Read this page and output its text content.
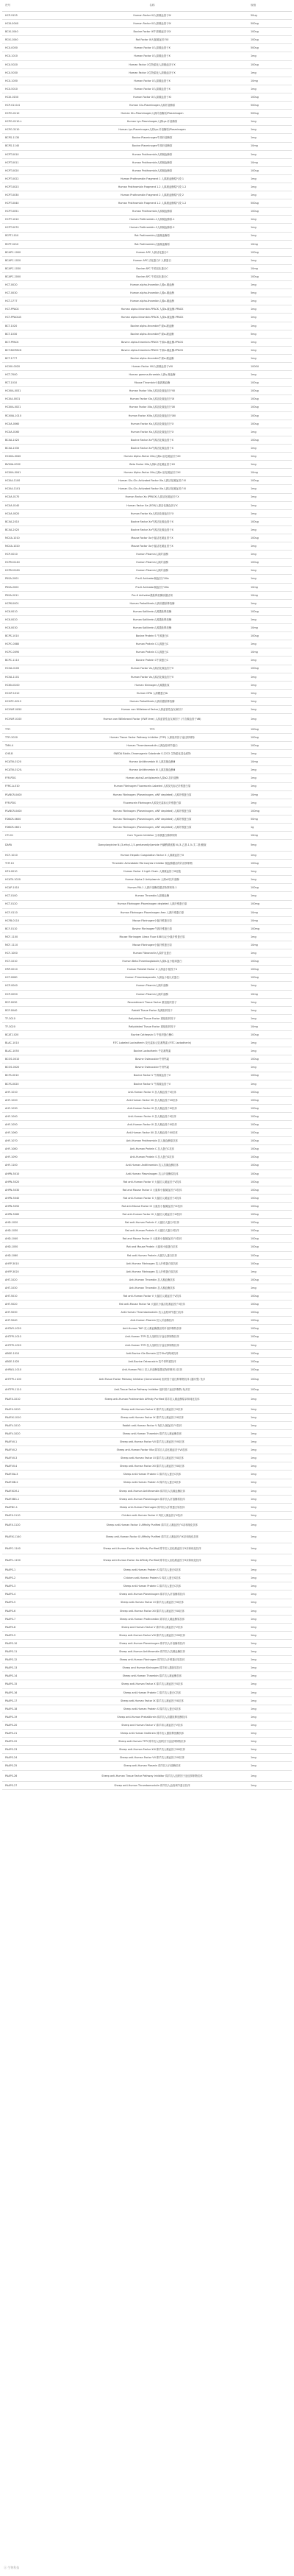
货号	名称	规格
HCP-9155	Human Factor Ⅸ人源凝血因子Ⅸ	50ug
HCIX-0040	Human Factor Ⅸ人源凝血因子Ⅸ	500ug
BCIX-1040	Bovine Factor IX牛源凝血因子Ⅸ	100ug
RCIX-1040	Rat Factor Ⅸ大鼠凝血因子Ⅸ	100ug
HCX-0050	Human Factor X人源凝血因子X	500ug
HCX-1010	Human Factor X人源凝血因子X	1mg
HCX-5020	Human Factor X生物素化人源凝血因子X	100ug
HCX-5030	Human Factor X生物素化人源凝血因子X	1mg
HCX-1050	Human Factor X人源凝血因子X	10mg
HCX-5010	Human Factor X人源凝血因子X	1mg
HCXI-0150	Human Factor XI人源凝血因子XI	100ug
HCP-0110-S	Human Glu-Plasminogen人源纤溶酶原	500ug
HCPG-0110	Human Glu-Plasminogen人源纤溶酶原/Plasminogen	500ug
HCPG-0110-L	Human Lys-Plasminogen人源Lys-纤溶酶原	1mg
HCPG-3110	Human Lys-Plasminogen人源Lys-纤溶酶原/Plasminogen	1mg
BCPG-1130	Bovine Plasminogen牛源纤溶酶原	1mg
BCPG-1140	Bovine Plasminogen牛源纤溶酶原	10mg
HCPT-0010	Human Prothrombin人源凝血酶原	1mg
HCPT-0011	Human Prothrombin人源凝血酶原	10mg
HCPT-0020	Human Prothrombin人源凝血酶原	100ug
HCPT-0022	Human Prothrombin Fragment 1 人源凝血酶原片段 1	1mg
HCPT-0023	Human Prothrombin Fragment 1.2 人源凝血酶原片段 1.2	1mg
HCPT-0030	Human Prothrombin Fragment 2 人源凝血酶原片段 2	1mg
HCPT-0040	Human Prothrombin Fragment 1.2 人源凝血酶原片段 1.2	500ug
HCPT-0051	Human Prothrombin人源凝血酶原	100ug
HCPT-1010	Human Prethrombin-1人源凝血酶原-1	1mg
HCPT-0070	Human Prethrombin-2人源凝血酶原-2	1mg
RCPT-1010	Rat Prothrombin大鼠凝血酶原	1mg
RCPT-0210	Rat Prothrombin大鼠凝血酶原	10mg
BCAPC-1000	Human APC 人源活化蛋白C	100ug
BCAPC-1020	Human APC 活化蛋白C 人源蛋白	1mg
BCAPC-1030	Bovine APC 牛源活化蛋白C	10mg
BCAPC-2000	Bovine APC 牛源活化蛋白C	100ug
HCT-0020	Human alpha-thrombin人源α-凝血酶	1mg
HCT-0030	Human alpha-thrombin人源α-凝血酶	5mg
HCT-1777	Human alpha-thrombin人源α-凝血酶	1mg
HCT-PPACK	Human alpha-thrombin-PPACK 人源α-凝血酶-PPACK	1mg
HCT-PPACK-B	Human alpha-thrombin-PPACK 人源α-凝血酶-PPACK	1mg
BCT-1020	Bovine alpha-thrombin牛源α-凝血酶	1mg
BCT-1030	Bovine alpha-thrombin牛源α-凝血酶	5mg
BCT-PPACK	Bovine alpha-thrombin-PPACK 牛源α-凝血酶-PPACK	1mg
BCT-BIOPACK	Bovine alpha-thrombin-PPACK 牛源α-凝血酶-PPACK	1mg
BCT-1777	Bovine alpha-thrombin牛源α-凝血酶	1mg
HCVIII-0020	Human Factor VIII人源凝血因子VIII	1000U
HCT-7000	Human gamma-thrombin人源γ-凝血酶	1mg
RCT-1010	Mouse Thrombin小鼠源凝血酶	100ug
HCVIIA-0031	Human Factor VIIa人源活化凝血因子VII	100ug
HCXIA-0031	Human Factor XIa人源活化凝血因子XI	100ug
HCXIIA-0021	Human Factor XIIa人源活化凝血因子XII	100ug
RCXIIIA-1010	Human Factor XIIIa人源活化凝血因子XIII	100ug
HCXA-0060	Human Factor Xa人源活化凝血因子X	100ug
HCXA-0160	Human Factor Xa人源活化凝血因子X	1mg
BCXA-1020	Bovine Factor Xa牛源活化凝血因子X	100ug
BCXA-1030	Bovine Factor Xa牛源活化凝血因子X	1mg
HCXIIA-0040	Human Alpha-Factor XIIa人源α-活化凝血因子XII	1mg
BVXIIA-0032	Beta Factor XIIa人源β-活化凝血因子XII	1mg
HCXIIA-0041	Human Alpha-Factor XIIa人源α-活化凝血因子XII	10mg
HCXIA-1100	Human Glu-Glu Activated Factor XIa人源活化凝血因子XI	100ug
HCXIA-1101	Human Glu-Glu Activated Factor XIa人源活化凝血因子XI	1mg
HCXA-0170	Human Factor Xa (PPACK)人源活化凝血因子X	1mg
HCXA-0140	Human Factor Xa (EGR)人源活化凝血因子X	1mg
HCXA-0020	Human Factor Xa人源活化凝血因子X	1mg
BCXA-2010	Bovine Factor Xa牛源活化凝血因子X	100ug
BCXA-2020	Bovine Factor Xa牛源活化凝血因子X	1mg
MCXA-1010	Mouse Factor Xa小鼠活化凝血因子X	100ug
MCXA-1020	Mouse Factor Xa小鼠活化凝血因子X	1mg
HCP-0010	Human Plasmin人源纤溶酶	1mg
HCPM-0140	Human Plasmin人源纤溶酶	100ug
HCPM-0160	Human Plasmin人源纤溶酶	1mg
PKSA-2001	Pro-K Activator凝血因子XIIa	1mg
PKSA-2002	Pro-K Activator凝血因子XIIa	10mg
PKSA-2011	Pro-K Activator激肽释放酶原激活剂	10mg
HCPK-0001	Human Prekallikrein人源前激肽释放酶	1mg
HCK-0010	Human Kallikrein人源激肽释放酶	100ug
HCK-0020	Human Kallikrein人源激肽释放酶	1mg
HCK-0030	Human Kallikrein人源激肽释放酶	10mg
BCPS-1010	Bovine Protein S 牛源蛋白S	100ug
HCPC-0080	Human Protein C人源蛋白C	1mg
HCPC-0090	Human Protein C人源蛋白C	10mg
BCPC-1110	Bovine Protein C牛源蛋白C	1mg
HCVA-0100	Human Factor Va人源活化凝血因子V	100ug
HCVA-1101	Human Factor Va人源活化凝血因子V	1mg
HCKN-0100	Human Kininogen人源激肽原	1mg
HCGP-1010	Human GPIb 人源糖蛋白Ib	1mg
HCHPC-0010	Human Prekallikrein人源前激肽释放酶	1mg
HCVWF-0050	Human von Willebrand Factor人源血管性血友病因子	1mg
HCVWF-0100	Human von Willebrand Factor (VWF-free) 人源血管性血友病因子 (不含凝血因子Ⅷ)	1mg
TTFI	TTFI	100ug
TTFI-2020	Human Tissue Factor Pathway Inhibitor (TFPI) 人源组织因子途径抑制物	100ug
TMH-4	Human Thrombomodulin人源血栓调节蛋白	100ug
CHE-B	SNEDA Biotin-Chromogenic Substrate S-2222 生物素化显色底物	1mg
HCATIII-0120	Human Antithrombin Ⅲ 人源抗凝血酶Ⅲ	10mg
HCATIII-0120-	Human Antithrombin Ⅲ 人源抗凝血酶Ⅲ	1mg
FFR-PDG	Human alpha2-antiplasmin人源α2-抗纤溶酶	1mg
FFRC-A-010	Human Fibrinogen Fluorescein-Labeled 人源荧光标记纤维蛋白原	1mg
PLVBCR-0400	Human Fibrinogen (Plasminogen, vWF depleted) 人源纤维蛋白原	10mg
FFR-PDG	Fluorescein Fibrinogen人源荧光素标记纤维蛋白原	1mg
PLVBCR-0400	Human Fibrinogen (Plasminogen, vWF depleted) 人源纤维蛋白原	100mg
FDBCR-0600	Human Fibrinogen (Plasminogen, vWF depleted) 人源纤维蛋白原	50mg
FDBCR-0601	Human Fibrinogen (Plasminogen, vWF depleted) 人源纤维蛋白原	1g
CTI-01	Corn Trypsin Inhibitor 玉米胰蛋白酶抑制剂	10mg
DAPA	Dansylarginine N-(3-ethyl-1,5-pentanediyl)amide 丹磺酰精氨酸 N-(3-乙基-1,5-戊二基)酰胺	5mg
HCF-1010	Human Hepatic Coagulation Factor X 人源凝血因子X	1mg
THT-10	Thrombin Activatable Fibrinolysis Inhibitor 凝血酶激活的纤溶抑制物	100ug
HFX-0010	Human Factor X Light Chain 人源凝血因子X轻链	1mg
HCATII-1020	Human Alpha-2 Antiplasmin 人源α2抗纤溶酶	1mg
HCAP-1010	Human PAI-1 人源纤溶酶原激活物抑制剂-1	100ug
HCT-0100	Human Thrombin人源凝血酶	1mg
HCT-0120	Human Fibrinogen Plasminogen depleted 人源纤维蛋白原	100mg
HCF-0110	Human Fibrinogen Plasminogen-free 人源纤维蛋白原	10mg
HCFB-0110	Mouse Fibrinogen小鼠纤维蛋白原	10mg
BCF-0110	Bovine Fibrinogen牛源纤维蛋白原	100mg
MCF-1100	Mouse Fibrinogen Alexa Fluor 488 标记小鼠纤维蛋白原	1mg
MCF-1110	Mouse Fibrinogen小鼠纤维蛋白原	10mg
HCF-1000	Human Fibronectin人源纤连蛋白	1mg
HCT-1010	Human Beta-Thromboglobulin人源β-血小板球蛋白	100ug
HRP-0010	Human Platelet Factor 4 人源血小板因子4	100ug
HCT-0080	Human Thrombospondin 人源血小板反应蛋白	100ug
HCP-0040	Human Plasmin人源纤溶酶	1mg
HCP-0050	Human Plasmin人源纤溶酶	10mg
RCP-0030	Recombinant Tissue Factor 重组组织因子	1mg
RCP-0040	Rabbit Tissue Factor 兔源组织因子	1mg
TF-3010	Relipidated Tissue Factor 重组组织因子	1mg
TF-3020	Relipidated Tissue Factor 重组组织因子	10mg
BCAT-1020	Bovine Cathepsin G 牛组织蛋白酶G	100ug
BLAC-1010	FITC Labeled Lactadherin 荧光素标记乳凝集素 (FITC Lactadherin)	1mg
BLAC-1050	Bovine Lactadherin 牛乳凝集素	1mg
BCOS-0010	Bovine Osteocalcin牛骨钙素	100ug
BCOS-0020	Bovine Osteocalcin牛骨钙素	1mg
BCFS-0010	Bovine Factor V 牛源凝血因子V	100ug
BCFS-0020	Bovine Factor V 牛源凝血因子V	1mg
AHF-1010	Anti-Human Factor V 抗人凝血因子V抗体	100ug
AHF-1020	Anti-Human Factor VII 抗人凝血因子VII抗体	100ug
AHF-1030	Anti-Human Factor IX 抗人凝血因子IX抗体	100ug
AHF-1040	Anti-Human Factor X 抗人凝血因子X抗体	100ug
AHF-1050	Anti-Human Factor XI 抗人凝血因子XI抗体	100ug
AHF-1060	Anti-Human Factor XII 抗人凝血因子XII抗体	100ug
AHF-1070	Anti-Human Prothrombin 抗人凝血酶原抗体	100ug
AHF-1080	Anti-Human Protein C 抗人蛋白C抗体	100ug
AHF-1090	Anti-Human Protein S 抗人蛋白S抗体	100ug
AHF-1100	Anti-Human Antithrombin 抗人抗凝血酶抗体	100ug
AHPN-5010	Anti-Human Plasminogen 抗人纤溶酶原抗体	100ug
AHPN-5020	Rat anti-Human Factor V 大鼠抗人凝血因子V抗体	100ug
AHPN-5030	Rat and Mouse Factor X 大鼠和小鼠凝血因子X抗体	100ug
AHPN-5040	Rat anti-Human Factor X 大鼠抗人凝血因子X抗体	100ug
AHPN-5050	Rat anti-Mouse Factor IX 大鼠抗小鼠凝血因子IX抗体	100ug
AHPN-5060	Rat anti-Human Factor XI 大鼠抗人凝血因子XI抗体	100ug
AHD-1020	Rat anti-Human Protein C 大鼠抗人蛋白C抗体	100ug
AHD-1030	Rat anti-Human Protein S 大鼠抗人蛋白S抗体	100ug
AHD-1040	Rat and Mouse Factor X 大鼠和小鼠凝血因子X抗体	100ug
AHD-1050	Rat and Mouse Protein 大鼠和小鼠蛋白抗体	100ug
AHD-1060	Rat anti-Human Protein 大鼠抗人蛋白抗体	100ug
AHFP-3010	Anti-Human Fibrinogen 抗人纤维蛋白原抗体	100ug
AHFP-3020	Anti-Human Fibrinogen 抗人纤维蛋白原抗体	1mg
AHT-1020	Anti-Human Thrombin 抗人凝血酶抗体	100ug
AHT-1030	Anti-Human Thrombin 抗人凝血酶抗体	1mg
AHT-5010	Rat anti-Human Factor V 大鼠抗人凝血因子V抗体	100ug
AHT-5020	Rat anti-Mouse Factor Va 大鼠抗小鼠活化凝血因子V抗体	100ug
AHT-5030	Anti-Human Thrombomodulin 抗人血栓调节蛋白抗体	100ug
AHT-5040	Anti-Human Plasmin 抗人纤溶酶抗体	100ug
AHTAFI-1020	Anti-Human TAFI 抗人凝血酶激活的纤溶抑制物抗体	100ug
AHTFPI-1010	Anti-Human TFPI 抗人组织因子途径抑制物抗体	100ug
AHTFPI-1020	Anti-Human TFPI 抗人组织因子途径抑制物抗体	1mg
ABGE-1010	Anti-Bovine Gla Domain 抗牛Gla结构域抗体	100ug
ABGE-1020	Anti-Bovine Osteocalcin 抗牛骨钙素抗体	100ug
AHPAI1-1010	Anti-Human PAI-1 抗人纤溶酶原激活物抑制剂-1抗体	100ug
AHTFPI-1100	Anti-Tissue Factor Pathway Inhibitor (Generalized) 组织因子途径抑制物抗体 (通用型) 兔多	100ug
AHTFPI-1110	Anti-Tissue Factor Pathway Inhibitor 组织因子途径抑制物 兔多抗	100ug
PAAFX-1010	Sheep anti-Human Prothrombin Affinity Purified 绵羊抗人凝血酶原亲和纯化抗体	1mg
PAAFX-1020	Sheep anti-Human Factor X 绵羊抗人凝血因子X抗体	1mg
PAAFIX-1010	Sheep anti-Human Factor IX 绵羊抗人凝血因子IX抗体	1mg
PAAFV-1010	Rabbit anti-Human Factor V 兔抗人凝血因子V抗体	1mg
PAAFV-1020	Sheep anti-Human Thrombin 绵羊抗人凝血酶抗体	1mg
PAAFVII-1	Sheep anti-Human Factor VII 绵羊抗人凝血因子VII抗体	1mg
PAAFVII-2	Sheep anti-Human Factor VIIa 绵羊抗人活化凝血因子VII抗体	1mg
PAAFVII-3	Sheep anti-Human Factor XI 绵羊抗人凝血因子XI抗体	1mg
PAAFVII-4	Sheep anti-Human Factor XII 绵羊抗人凝血因子XII抗体	1mg
PAAFXIA-3	Sheep anti-Human Protein C 绵羊抗人蛋白C抗体	1mg
PAAFXIB-2	Sheep anti-Human Protein S 绵羊抗人蛋白S抗体	1mg
PAAFXCM-1	Sheep anti-Human Antithrombin 绵羊抗人抗凝血酶抗体	1mg
PAAFXBG-1	Sheep anti-Human Plasminogen 绵羊抗人纤溶酶原抗体	1mg
PAAPDC-1	Sheep anti-Human Fibrinogen 绵羊抗人纤维蛋白原抗体	1mg
PAAFX-1110	Chicken anti-Human Factor X 鸡抗人凝血因子X抗体	1mg
PAAFX-1120	Sheep anti-Human Factor X Affinity Purified 绵羊抗人凝血因子X亲和纯化抗体	1mg
PAAFIX-1140	Sheep anti-Human Factor IX Affinity Purified 绵羊抗人凝血因子IX亲和纯化抗体	1mg
PAAPC-1140	Sheep anti-Human Factor Xa Affinity Purified 绵羊抗人活化凝血因子X亲和纯化抗体	1mg
PAAPC-1150	Sheep anti-Human Factor Xa Affinity Purified 绵羊抗人活化凝血因子X亲和纯化抗体	1mg
PAAPS-1	Sheep anti-Human Protein S 绵羊抗人蛋白S抗体	1mg
PAAPS-2	Chicken anti-Human Protein S 鸡抗人蛋白S抗体	1mg
PAAPS-3	Sheep anti-Human Protein C 绵羊抗人蛋白C抗体	1mg
PAAPS-4	Sheep anti-Human Plasminogen 绵羊抗人纤溶酶原抗体	1mg
PAAPS-5	Sheep anti-Human Factor XI 绵羊抗人凝血因子XI抗体	1mg
PAAPS-6	Sheep anti-Human Factor XII 绵羊抗人凝血因子XII抗体	1mg
PAAPS-7	Sheep anti-Human Prothrombin 绵羊抗人凝血酶原抗体	1mg
PAAPS-8	Sheep and Human Factor V 绵羊和人凝血因子V抗体	1mg
PAAPS-9	Sheep anti-Human Factor VIII 绵羊抗人凝血因子VIII抗体	1mg
PAAPS-10	Sheep anti-Human Plasminogen 绵羊抗人纤溶酶原抗体	1mg
PAAPS-11	Sheep anti-Human Antithrombin 绵羊抗人抗凝血酶抗体	1mg
PAAPS-12	Sheep anti-Human Fibrinogen 绵羊抗人纤维蛋白原抗体	1mg
PAAPS-13	Sheep and Human Kininogen 绵羊和人激肽原抗体	1mg
PAAPS-14	Sheep anti-Human Thrombin 绵羊抗人凝血酶抗体	1mg
PAAPS-15	Sheep anti-Human Factor X 绵羊抗人凝血因子X抗体	1mg
PAAPS-16	Sheep anti-Human Protein C 绵羊抗人蛋白C抗体	1mg
PAAPS-17	Sheep anti-Human Factor IX 绵羊抗人凝血因子IX抗体	1mg
PAAPS-18	Sheep anti-Human Protein S 绵羊抗人蛋白S抗体	1mg
PAAPS-19	Sheep anti-Human Prekallikrein 绵羊抗人前激肽释放酶抗体	1mg
PAAPS-20	Sheep and Human Factor V 绵羊和人凝血因子V抗体	1mg
PAAPS-21	Sheep anti-Human Kallikrein 绵羊抗人激肽释放酶抗体	1mg
PAAPS-22	Sheep anti-Human TFPI 绵羊抗人组织因子途径抑制物抗体	1mg
PAAPS-23	Sheep anti-Human Factor XIII 绵羊抗人凝血因子XIII抗体	1mg
PAAPS-24	Sheep anti-Human Factor VII 绵羊抗人凝血因子VII抗体	1mg
PAAPS-25	Sheep anti-Human Plasmin 绵羊抗人纤溶酶抗体	1mg
PAAPS-26	Sheep anti-Human Tissue Factor Pathway Inhibitor 绵羊抗人组织因子途径抑制物抗体	1mg
PAAPS-27	Sheep anti-Human Thrombomodulin 绵羊抗人血栓调节蛋白抗体	1mg
ⓐ 生物科技
